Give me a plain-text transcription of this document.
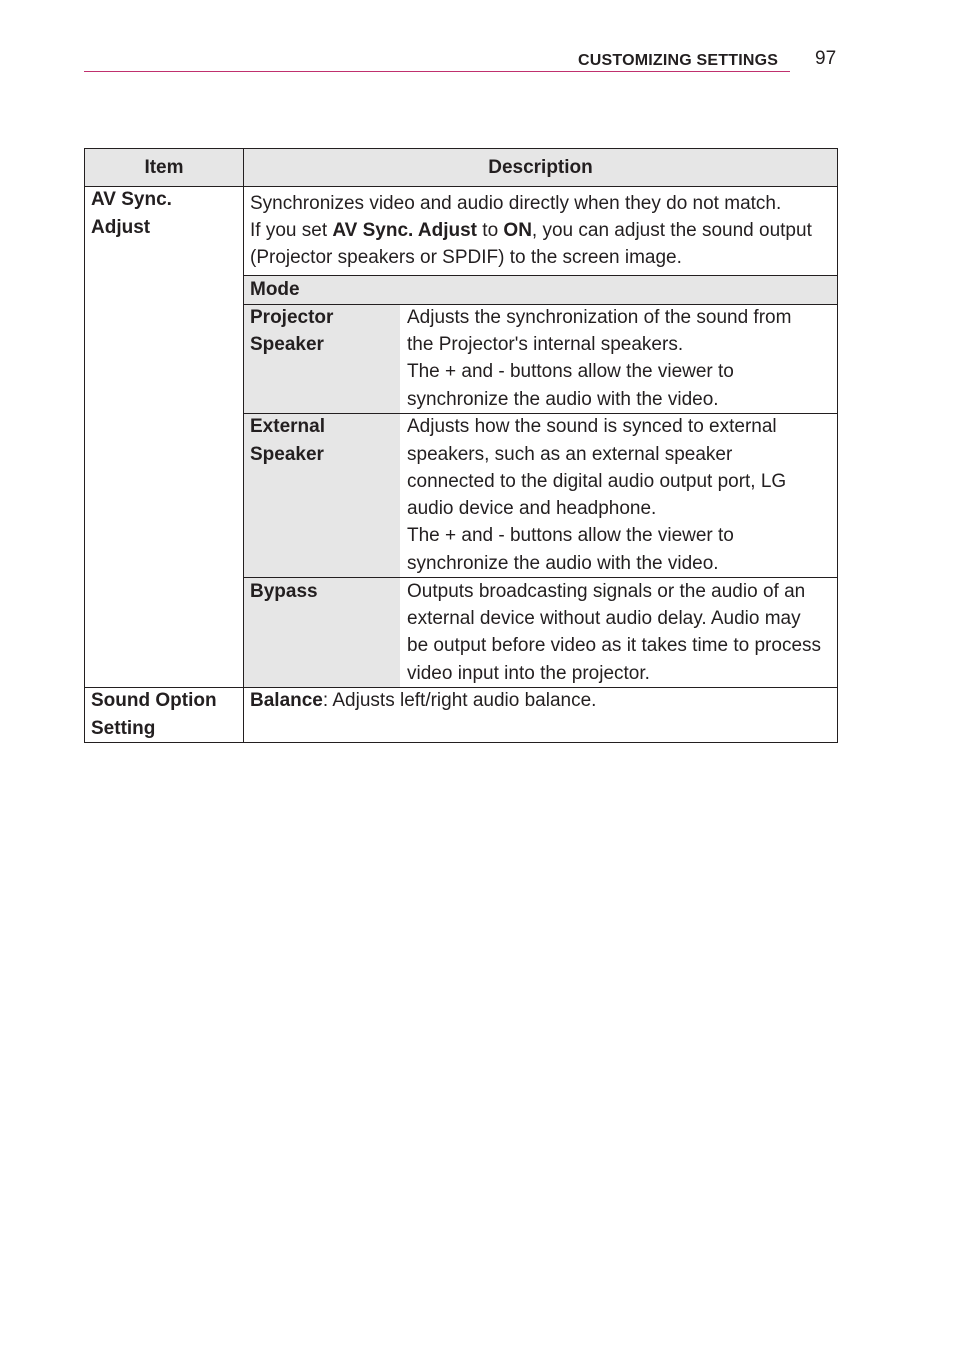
CUSTOMIZING SETTINGS 97
Item	Description
AV Sync.
Adjust
Synchronizes video and audio directly when they do not match.
If you set AV Sync. Adjust to ON, you can adjust the sound output
(Projector speakers or SPDIF) to the screen image.
Mode
Projector
Speaker
Adjusts the synchronization of the sound from
the Projector's internal speakers.
The + and - buttons allow the viewer to
synchronize the audio with the video.
External
Speaker
Adjusts how the sound is synced to external
speakers, such as an external speaker
connected to the digital audio output port, LG
audio device and headphone.
The + and - buttons allow the viewer to
synchronize the audio with the video.
Bypass	Outputs broadcasting signals or the audio of an
external device without audio delay. Audio may
be output before video as it takes time to process
video input into the projector.
Sound Option
Setting
Balance: Adjusts left/right audio balance.
